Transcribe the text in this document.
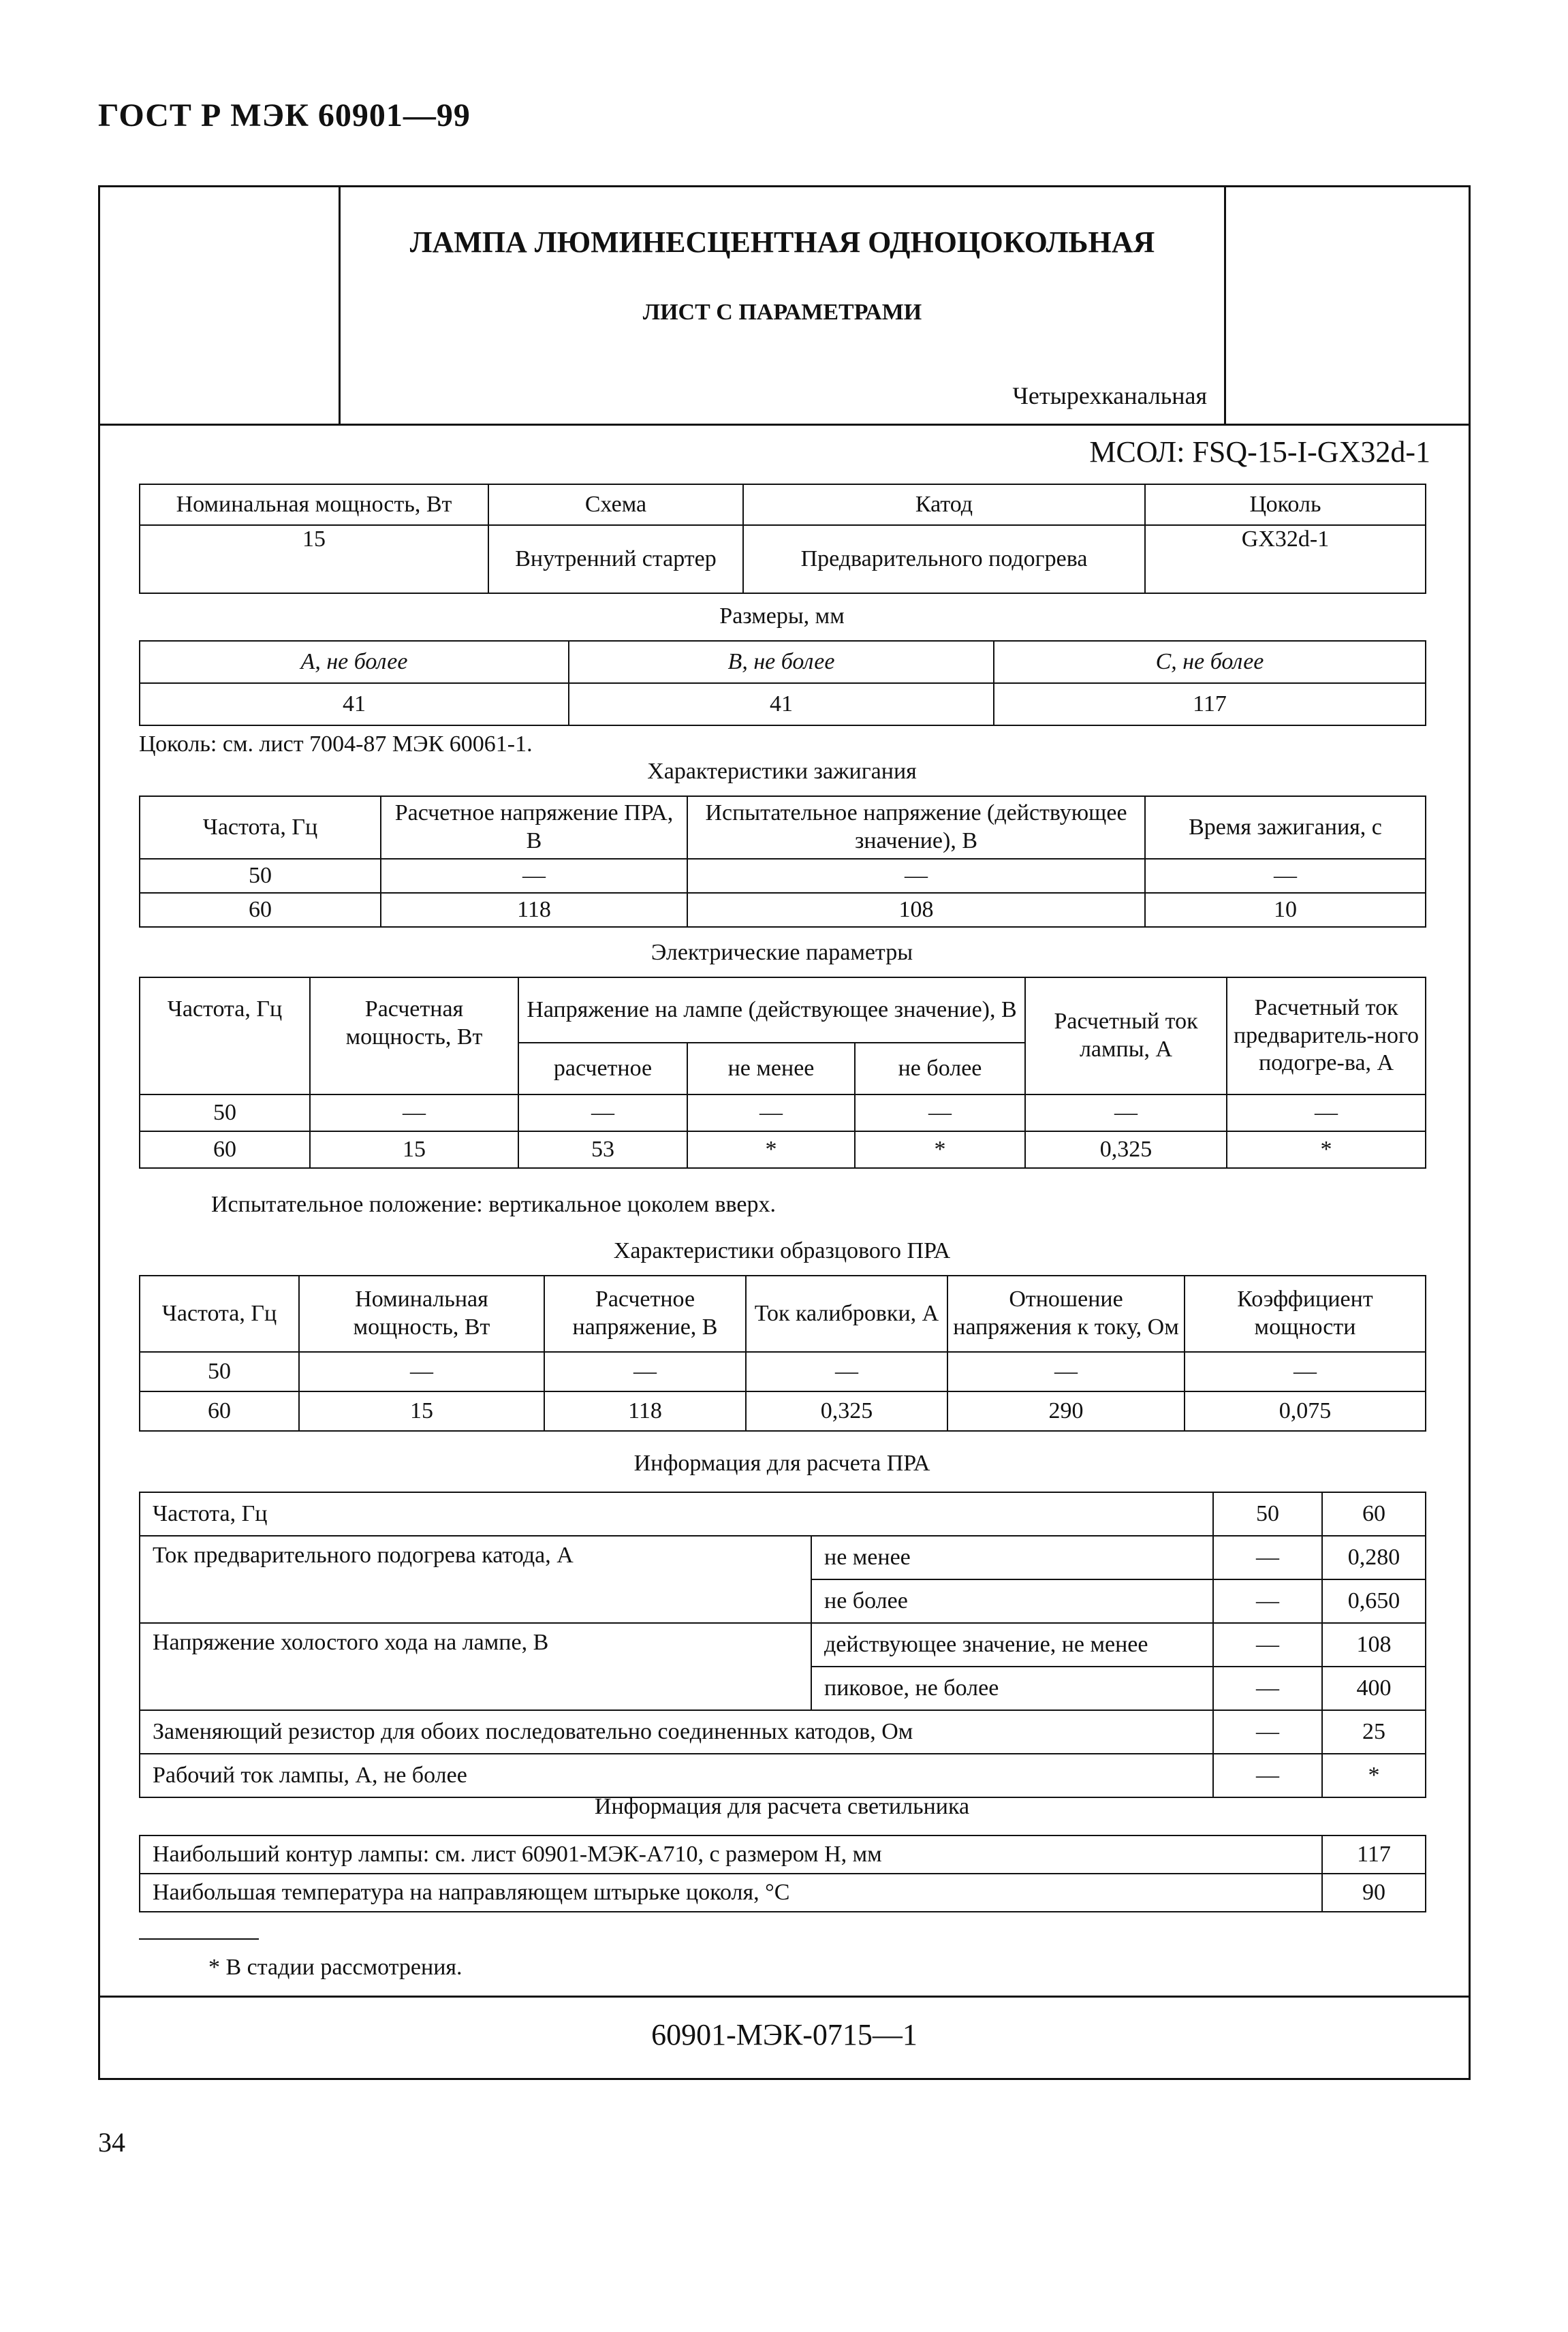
ГОСТ Р МЭК 60901—99
ЛАМПА ЛЮМИНЕСЦЕНТНАЯ ОДНОЦОКОЛЬНАЯ
ЛИСТ С ПАРАМЕТРАМИ
Четырехканальная
МСОЛ: FSQ-15-I-GX32d-1
Номинальная мощность, Вт	Схема	Катод	Цоколь
15	Внутренний стартер	Предварительного подогрева	GX32d-1
Размеры, мм
A, не более	B, не более	C, не более
41	41	117
Цоколь: см. лист 7004-87 МЭК 60061-1.
Характеристики зажигания
Частота, Гц	Расчетное напряжение ПРА, В	Испытательное напряжение (действующее значение), В	Время зажигания, с
50	—	—	—
60	118	108	10
Электрические параметры
Частота, Гц	Расчетная мощность, Вт	Напряжение на лампе (действующее значение), В			Расчетный ток лампы, А	Расчетный ток предваритель-ного подогре-ва, А
		расчетное	не менее	не более		
50	—	—	—	—	—	—
60	15	53	*	*	0,325	*
Испытательное положение: вертикальное цоколем вверх.
Характеристики образцового ПРА
Частота, Гц	Номинальная мощность, Вт	Расчетное напряжение, В	Ток калибровки, А	Отношение напряжения к току, Ом	Коэффициент мощности
50	—	—	—	—	—
60	15	118	0,325	290	0,075
Информация для расчета ПРА
Частота, Гц		50	60
Ток предварительного подогрева катода, А	не менее	—	0,280
	не более	—	0,650
Напряжение холостого хода на лампе, В	действующее значение, не менее	—	108
	пиковое, не более	—	400
Заменяющий резистор для обоих последовательно соединенных катодов, Ом		—	25
Рабочий ток лампы, А, не более		—	*
Информация для расчета светильника
Наибольший контур лампы: см. лист 60901-МЭК-А710, с размером H, мм	117
Наибольшая температура на направляющем штырьке цоколя, °С	90
* В стадии рассмотрения.
60901-МЭК-0715—1
34
